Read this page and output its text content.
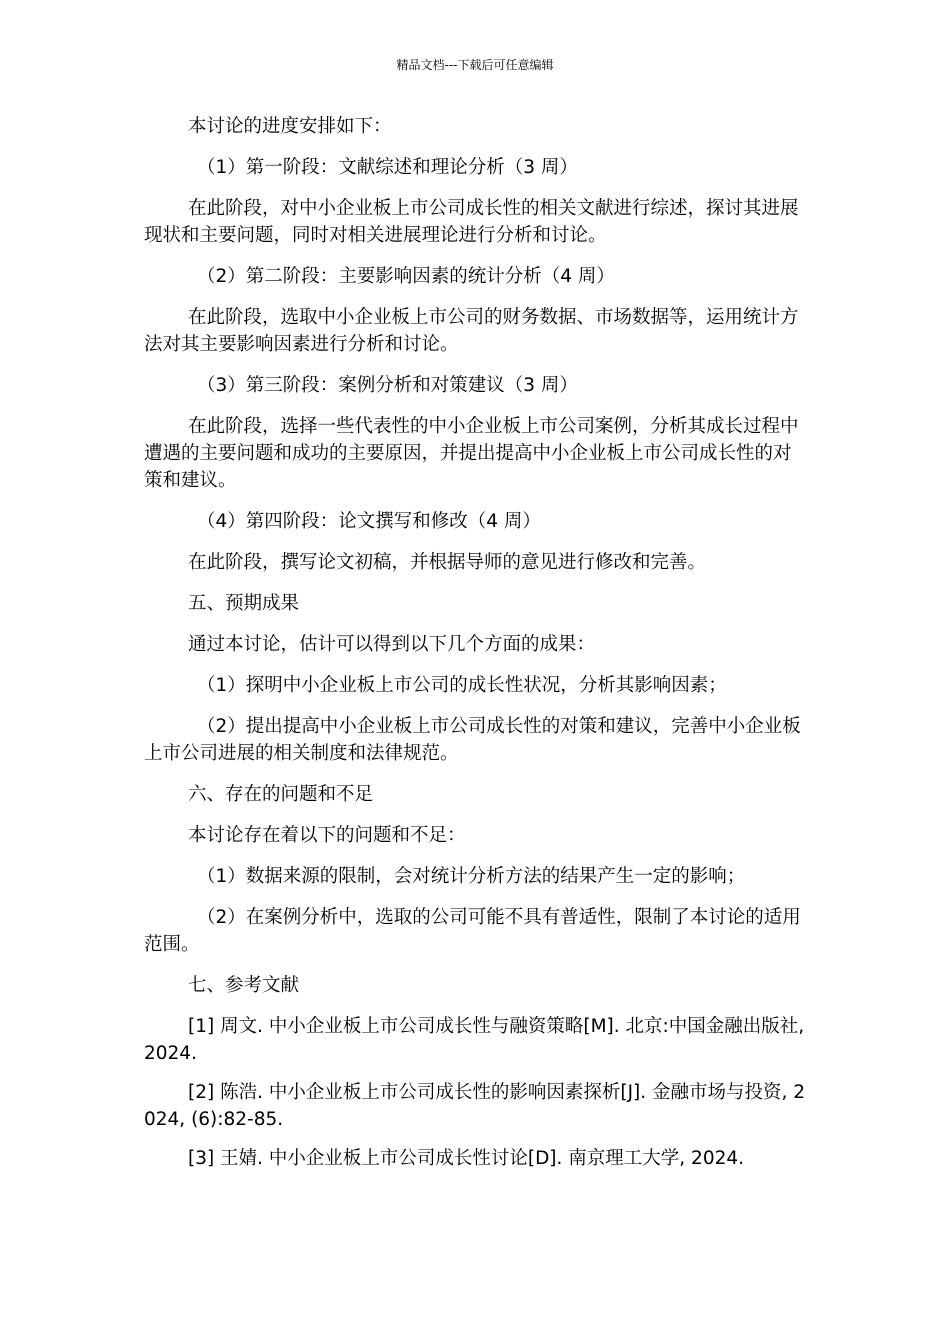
精品文档---下载后可任意编辑

本讨论的进度安排如下：

（1）第一阶段：文献综述和理论分析（3 周）

在此阶段，对中小企业板上市公司成长性的相关文献进行综述，探讨其进展现状和主要问题，同时对相关进展理论进行分析和讨论。

（2）第二阶段：主要影响因素的统计分析（4 周）

在此阶段，选取中小企业板上市公司的财务数据、市场数据等，运用统计方法对其主要影响因素进行分析和讨论。

（3）第三阶段：案例分析和对策建议（3 周）

在此阶段，选择一些代表性的中小企业板上市公司案例，分析其成长过程中遭遇的主要问题和成功的主要原因，并提出提高中小企业板上市公司成长性的对策和建议。

（4）第四阶段：论文撰写和修改（4 周）

在此阶段，撰写论文初稿，并根据导师的意见进行修改和完善。

五、预期成果

通过本讨论，估计可以得到以下几个方面的成果：

（1）探明中小企业板上市公司的成长性状况，分析其影响因素；

（2）提出提高中小企业板上市公司成长性的对策和建议，完善中小企业板上市公司进展的相关制度和法律规范。

六、存在的问题和不足

本讨论存在着以下的问题和不足：

（1）数据来源的限制，会对统计分析方法的结果产生一定的影响；

（2）在案例分析中，选取的公司可能不具有普适性，限制了本讨论的适用范围。

七、参考文献

[1] 周文. 中小企业板上市公司成长性与融资策略[M]. 北京:中国金融出版社, 2024.

[2] 陈浩. 中小企业板上市公司成长性的影响因素探析[J]. 金融市场与投资, 2024, (6):82-85.

[3] 王婧. 中小企业板上市公司成长性讨论[D]. 南京理工大学, 2024.
